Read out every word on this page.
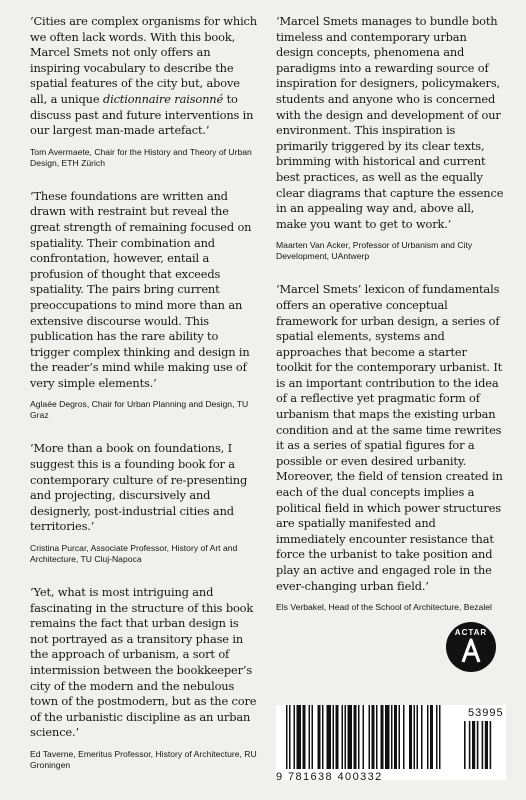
‘Cities are complex organisms for which we often lack words. With this book, Marcel Smets not only offers an inspiring vocabulary to describe the spatial features of the city but, above all, a unique dictionnaire raisonné to discuss past and future interventions in our largest man-made artefact.’

Tom Avermaete, Chair for the History and Theory of Urban Design, ETH Zürich

‘These foundations are written and drawn with restraint but reveal the great strength of remaining focused on spatiality. Their combination and confrontation, however, entail a profusion of thought that exceeds spatiality. The pairs bring current preoccupations to mind more than an extensive discourse would. This publication has the rare ability to trigger complex thinking and design in the reader’s mind while making use of very simple elements.’

Aglaée Degros, Chair for Urban Planning and Design, TU Graz

‘More than a book on foundations, I suggest this is a founding book for a contemporary culture of re-presenting and projecting, discursively and designerly, post-industrial cities and territories.’

Cristina Purcar, Associate Professor, History of Art and Architecture, TU Cluj-Napoca

‘Yet, what is most intriguing and fascinating in the structure of this book remains the fact that urban design is not portrayed as a transitory phase in the approach of urbanism, a sort of intermission between the bookkeeper’s city of the modern and the nebulous town of the postmodern, but as the core of the urbanistic discipline as an urban science.’

Ed Taverne, Emeritus Professor, History of Architecture, RU Groningen

‘Marcel Smets manages to bundle both timeless and contemporary urban design concepts, phenomena and paradigms into a rewarding source of inspiration for designers, policymakers, students and anyone who is concerned with the design and development of our environment. This inspiration is primarily triggered by its clear texts, brimming with historical and current best practices, as well as the equally clear diagrams that capture the essence in an appealing way and, above all, make you want to get to work.’

Maarten Van Acker, Professor of Urbanism and City Development, UAntwerp

‘Marcel Smets’ lexicon of fundamentals offers an operative conceptual framework for urban design, a series of spatial elements, systems and approaches that become a starter toolkit for the contemporary urbanist. It is an important contribution to the idea of a reflective yet pragmatic form of urbanism that maps the existing urban condition and at the same time rewrites it as a series of spatial figures for a possible or even desired urbanity. Moreover, the field of tension created in each of the dual concepts implies a political field in which power structures are spatially manifested and immediately encounter resistance that force the urbanist to take position and play an active and engaged role in the ever-changing urban field.’

Els Verbakel, Head of the School of Architecture, Bezalel

ACTAR
9 781638 400332
53995
